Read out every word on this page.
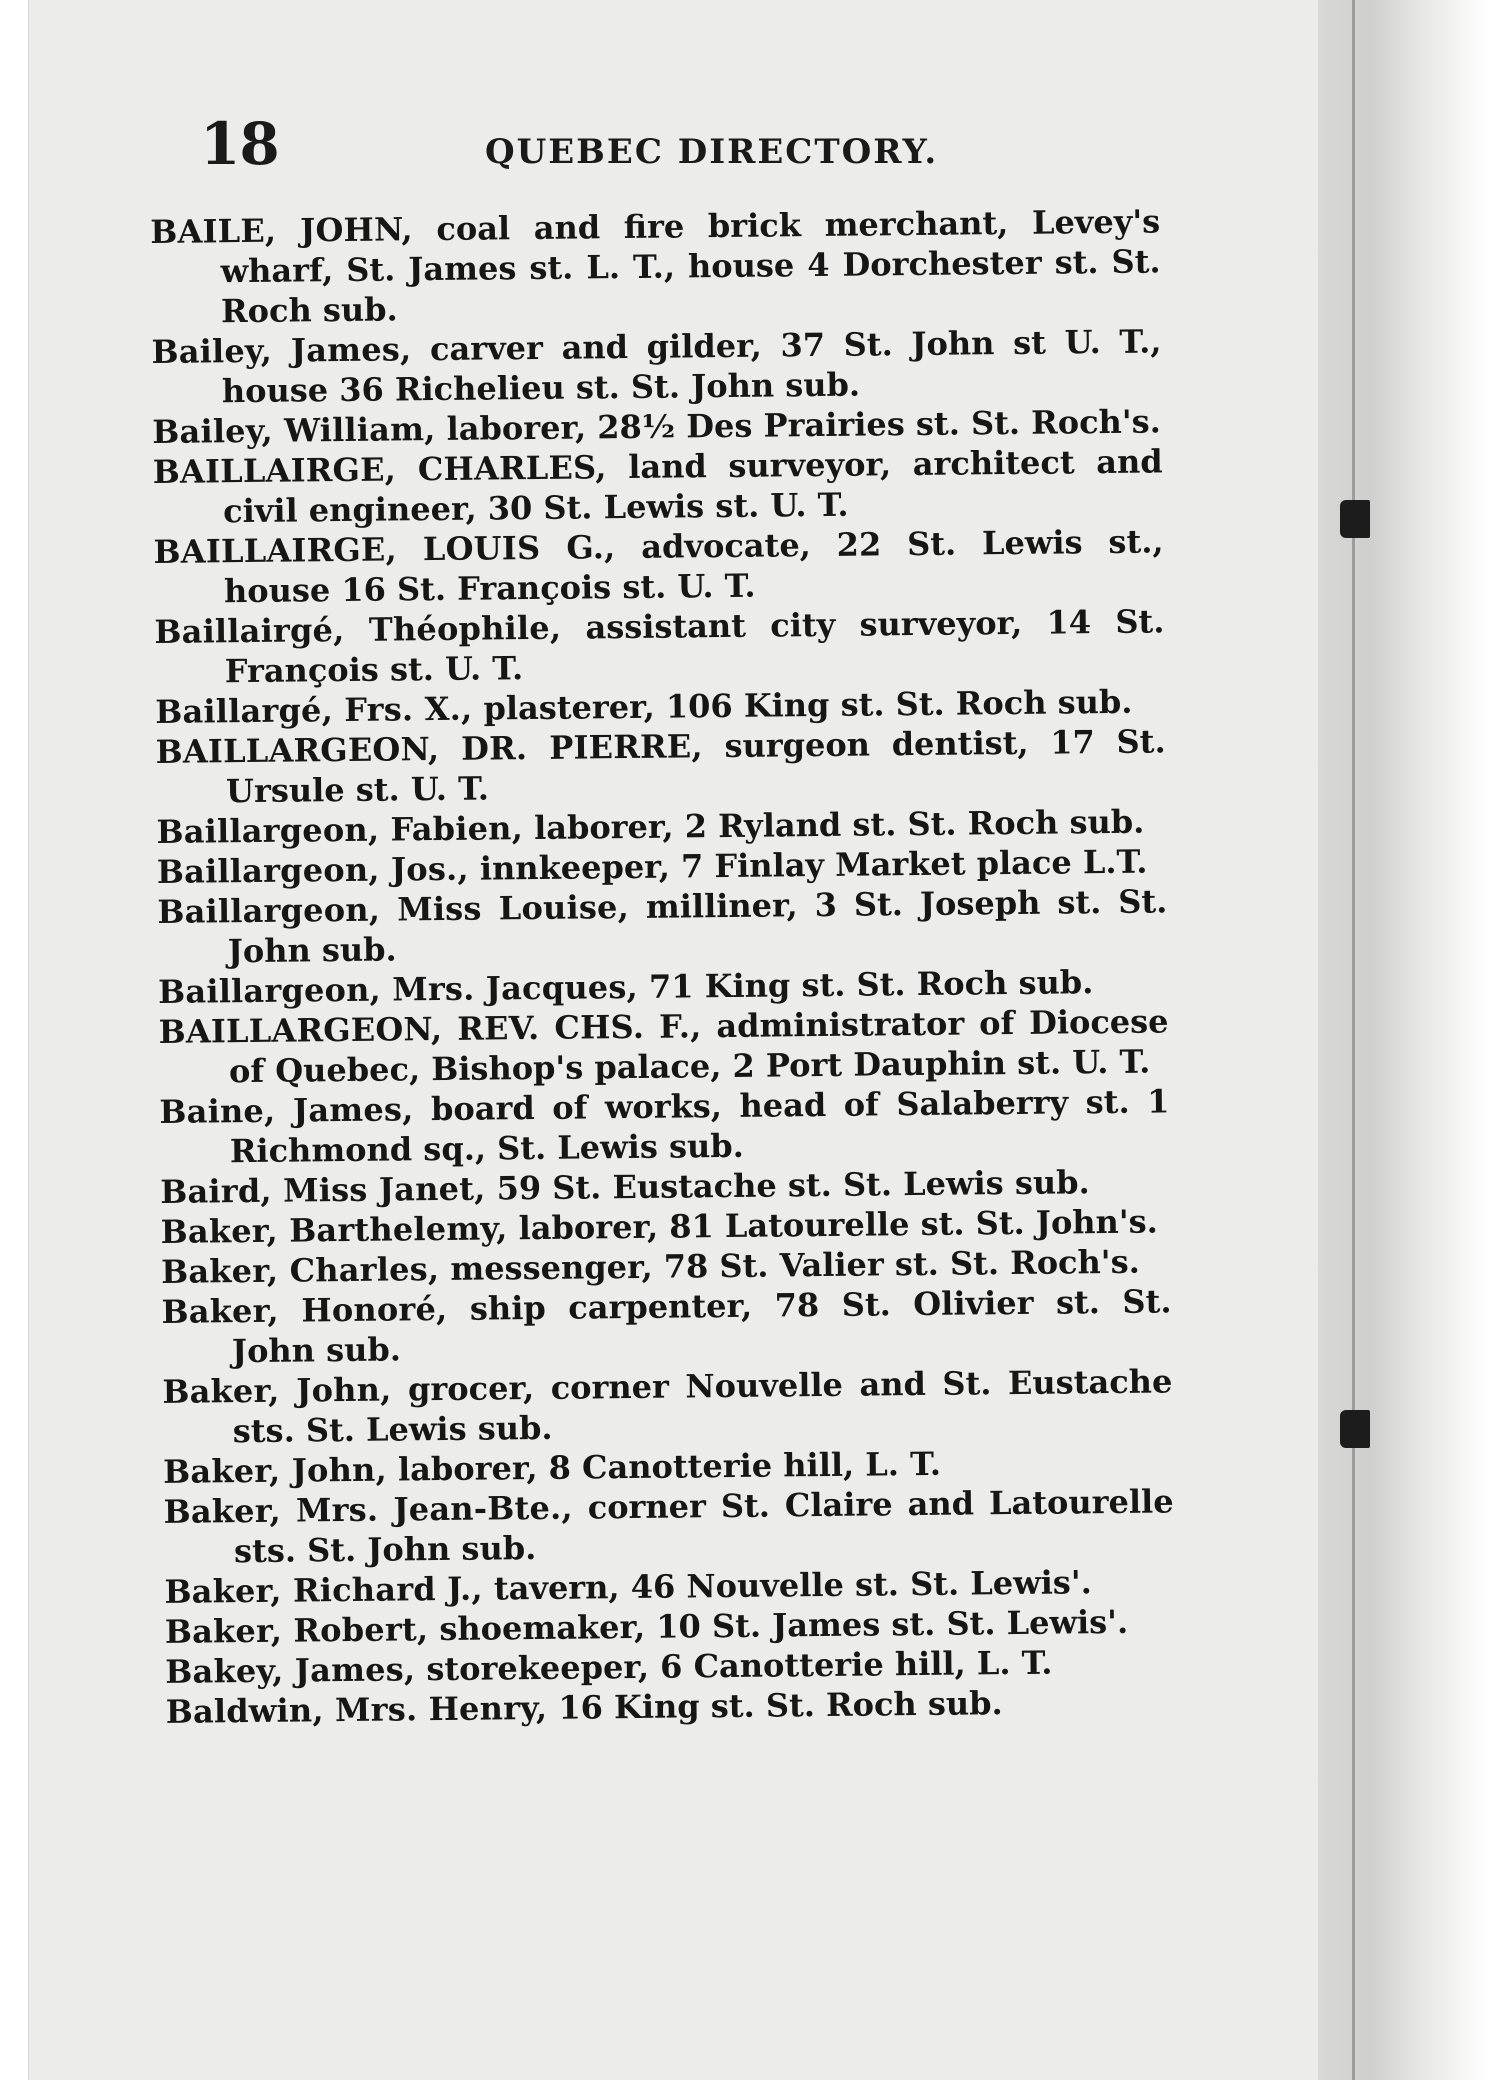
18	QUEBEC DIRECTORY.

BAILE, JOHN, coal and fire brick merchant, Levey's wharf, St. James st. L. T., house 4 Dorchester st. St. Roch sub.

Bailey, James, carver and gilder, 37 St. John st U. T., house 36 Richelieu st. St. John sub.

Bailey, William, laborer, 28½ Des Prairies st. St. Roch's.

BAILLAIRGE, CHARLES, land surveyor, architect and civil engineer, 30 St. Lewis st. U. T.

BAILLAIRGE, LOUIS G., advocate, 22 St. Lewis st., house 16 St. François st. U. T.

Baillairgé, Théophile, assistant city surveyor, 14 St. François st. U. T.

Baillargé, Frs. X., plasterer, 106 King st. St. Roch sub.

BAILLARGEON, DR. PIERRE, surgeon dentist, 17 St. Ursule st. U. T.

Baillargeon, Fabien, laborer, 2 Ryland st. St. Roch sub.

Baillargeon, Jos., innkeeper, 7 Finlay Market place L.T.

Baillargeon, Miss Louise, milliner, 3 St. Joseph st. St. John sub.

Baillargeon, Mrs. Jacques, 71 King st. St. Roch sub.

BAILLARGEON, REV. CHS. F., administrator of Diocese of Quebec, Bishop's palace, 2 Port Dauphin st. U. T.

Baine, James, board of works, head of Salaberry st. 1 Richmond sq., St. Lewis sub.

Baird, Miss Janet, 59 St. Eustache st. St. Lewis sub.

Baker, Barthelemy, laborer, 81 Latourelle st. St. John's.

Baker, Charles, messenger, 78 St. Valier st. St. Roch's.

Baker, Honoré, ship carpenter, 78 St. Olivier st. St. John sub.

Baker, John, grocer, corner Nouvelle and St. Eustache sts. St. Lewis sub.

Baker, John, laborer, 8 Canotterie hill, L. T.

Baker, Mrs. Jean-Bte., corner St. Claire and Latourelle sts. St. John sub.

Baker, Richard J., tavern, 46 Nouvelle st. St. Lewis'.

Baker, Robert, shoemaker, 10 St. James st. St. Lewis'.

Bakey, James, storekeeper, 6 Canotterie hill, L. T.

Baldwin, Mrs. Henry, 16 King st. St. Roch sub.
